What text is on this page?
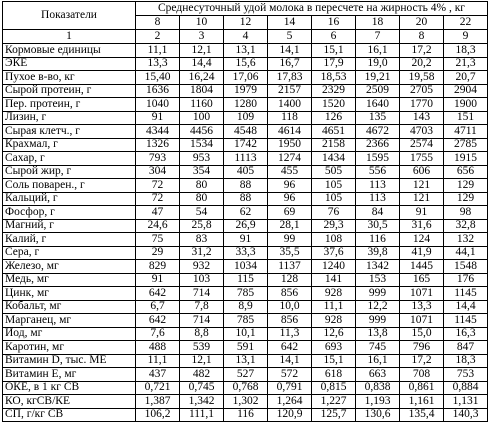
Показатели	Среднесуточный удой молока в пересчете на жирность 4% , кг							
	8	10	12	14	16	18	20	22
1	2	3	4	5	6	7	8	9
Кормовые единицы	11,1	12,1	13,1	14,1	15,1	16,1	17,2	18,3
ЭКЕ	13,3	14,4	15,6	16,7	17,9	19,0	20,2	21,3
Пухое в-во, кг	15,40	16,24	17,06	17,83	18,53	19,21	19,58	20,7
Сырой протеин, г	1636	1804	1979	2157	2329	2509	2705	2904
Пер. протеин, г	1040	1160	1280	1400	1520	1640	1770	1900
Лизин, г	91	100	109	118	126	135	143	151
Сырая клетч., г	4344	4456	4548	4614	4651	4672	4703	4711
Крахмал, г	1326	1534	1742	1950	2158	2366	2574	2785
Сахар, г	793	953	1113	1274	1434	1595	1755	1915
Сырой жир, г	304	354	405	455	505	556	606	656
Соль поварен., г	72	80	88	96	105	113	121	129
Кальций, г	72	80	88	96	105	113	121	129
Фосфор, г	47	54	62	69	76	84	91	98
Магний, г	24,6	25,8	26,9	28,1	29,3	30,5	31,6	32,8
Калий, г	75	83	91	99	108	116	124	132
Сера, г	29	31,2	33,3	35,5	37,6	39,8	41,9	44,1
Железо, мг	829	932	1034	1137	1240	1342	1445	1548
Медь, мг	91	103	115	128	141	153	165	176
Цинк, мг	642	714	785	856	928	999	1071	1145
Кобальт, мг	6,7	7,8	8,9	10,0	11,1	12,2	13,3	14,4
Марганец, мг	642	714	785	856	928	999	1071	1145
Иод, мг	7,6	8,8	10,1	11,3	12,6	13,8	15,0	16,3
Каротин, мг	488	539	591	642	693	745	796	847
Витамин D, тыс. МЕ	11,1	12,1	13,1	14,1	15,1	16,1	17,2	18,3
Витамин Е, мг	437	482	527	572	618	663	708	753
ОКЕ, в 1 кг СВ	0,721	0,745	0,768	0,791	0,815	0,838	0,861	0,884
КО, кгСВ/КЕ	1,387	1,342	1,302	1,264	1,227	1,193	1,161	1,131
СП, г/кг СВ	106,2	111,1	116	120,9	125,7	130,6	135,4	140,3
